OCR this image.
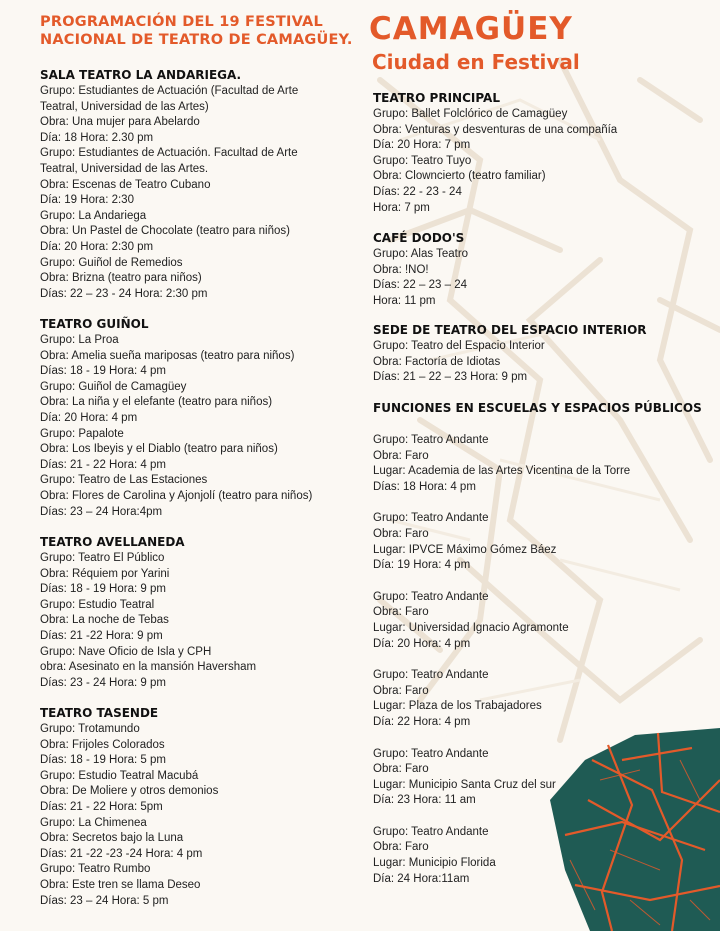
PROGRAMACIÓN DEL 19 FESTIVAL NACIONAL DE TEATRO DE CAMAGÜEY. CAMAGÜEY
Ciudad en Festival
SALA TEATRO LA ANDARIEGA.
Grupo: Estudiantes de Actuación (Facultad de Arte
Teatral, Universidad de las Artes)
Obra: Una mujer para Abelardo
Día: 18 Hora: 2.30 pm
Grupo: Estudiantes de Actuación. Facultad de Arte
Teatral, Universidad de las Artes.
Obra: Escenas de Teatro Cubano
Día: 19 Hora: 2:30
Grupo: La Andariega
Obra: Un Pastel de Chocolate (teatro para niños)
Día: 20 Hora: 2:30 pm
Grupo: Guiñol de Remedios
Obra: Brizna (teatro para niños)
Días: 22 – 23 - 24 Hora: 2:30 pm
TEATRO GUIÑOL
Grupo: La Proa
Obra: Amelia sueña mariposas (teatro para niños)
Días: 18 - 19 Hora: 4 pm
Grupo: Guiñol de Camagüey
Obra: La niña y el elefante (teatro para niños)
Día: 20 Hora: 4 pm
Grupo: Papalote
Obra: Los Ibeyis y el Diablo (teatro para niños)
Días: 21 - 22 Hora: 4 pm
Grupo: Teatro de Las Estaciones
Obra: Flores de Carolina y Ajonjolí (teatro para niños)
Días: 23 – 24 Hora:4pm
TEATRO AVELLANEDA
Grupo: Teatro El Público
Obra: Réquiem por Yarini
Días: 18 - 19 Hora: 9 pm
Grupo: Estudio Teatral
Obra: La noche de Tebas
Días: 21 -22 Hora: 9 pm
Grupo: Nave Oficio de Isla y CPH
obra: Asesinato en la mansión Haversham
Días: 23 - 24 Hora: 9 pm
TEATRO TASENDE
Grupo: Trotamundo
Obra: Frijoles Colorados
Días: 18 - 19 Hora: 5 pm
Grupo: Estudio Teatral Macubá
Obra: De Moliere y otros demonios
Días: 21 - 22 Hora: 5pm
Grupo: La Chimenea
Obra: Secretos bajo la Luna
Días: 21 -22 -23 -24 Hora: 4 pm
Grupo: Teatro Rumbo
Obra: Este tren se llama Deseo
Días: 23 – 24 Hora: 5 pm
TEATRO PRINCIPAL
Grupo: Ballet Folclórico de Camagüey
Obra: Venturas y desventuras de una compañía
Día: 20 Hora: 7 pm
Grupo: Teatro Tuyo
Obra: Clowncierto (teatro familiar)
Días: 22 - 23 - 24
Hora: 7 pm
CAFÉ DODO'S
Grupo: Alas Teatro
Obra: !NO!
Días: 22 – 23 – 24
Hora: 11 pm
SEDE DE TEATRO DEL ESPACIO INTERIOR
Grupo: Teatro del Espacio Interior
Obra: Factoría de Idiotas
Días: 21 – 22 – 23 Hora: 9 pm
FUNCIONES EN ESCUELAS Y ESPACIOS PÚBLICOS
Grupo: Teatro Andante
Obra: Faro
Lugar: Academia de las Artes Vicentina de la Torre
Días: 18 Hora: 4 pm
Grupo: Teatro Andante
Obra: Faro
Lugar: IPVCE Máximo Gómez Báez
Día: 19 Hora: 4 pm
Grupo: Teatro Andante
Obra: Faro
Lugar: Universidad Ignacio Agramonte
Día: 20 Hora: 4 pm
Grupo: Teatro Andante
Obra: Faro
Lugar: Plaza de los Trabajadores
Día: 22 Hora: 4 pm
Grupo: Teatro Andante
Obra: Faro
Lugar: Municipio Santa Cruz del sur
Día: 23 Hora: 11 am
Grupo: Teatro Andante
Obra: Faro
Lugar: Municipio Florida
Día: 24 Hora:11am
